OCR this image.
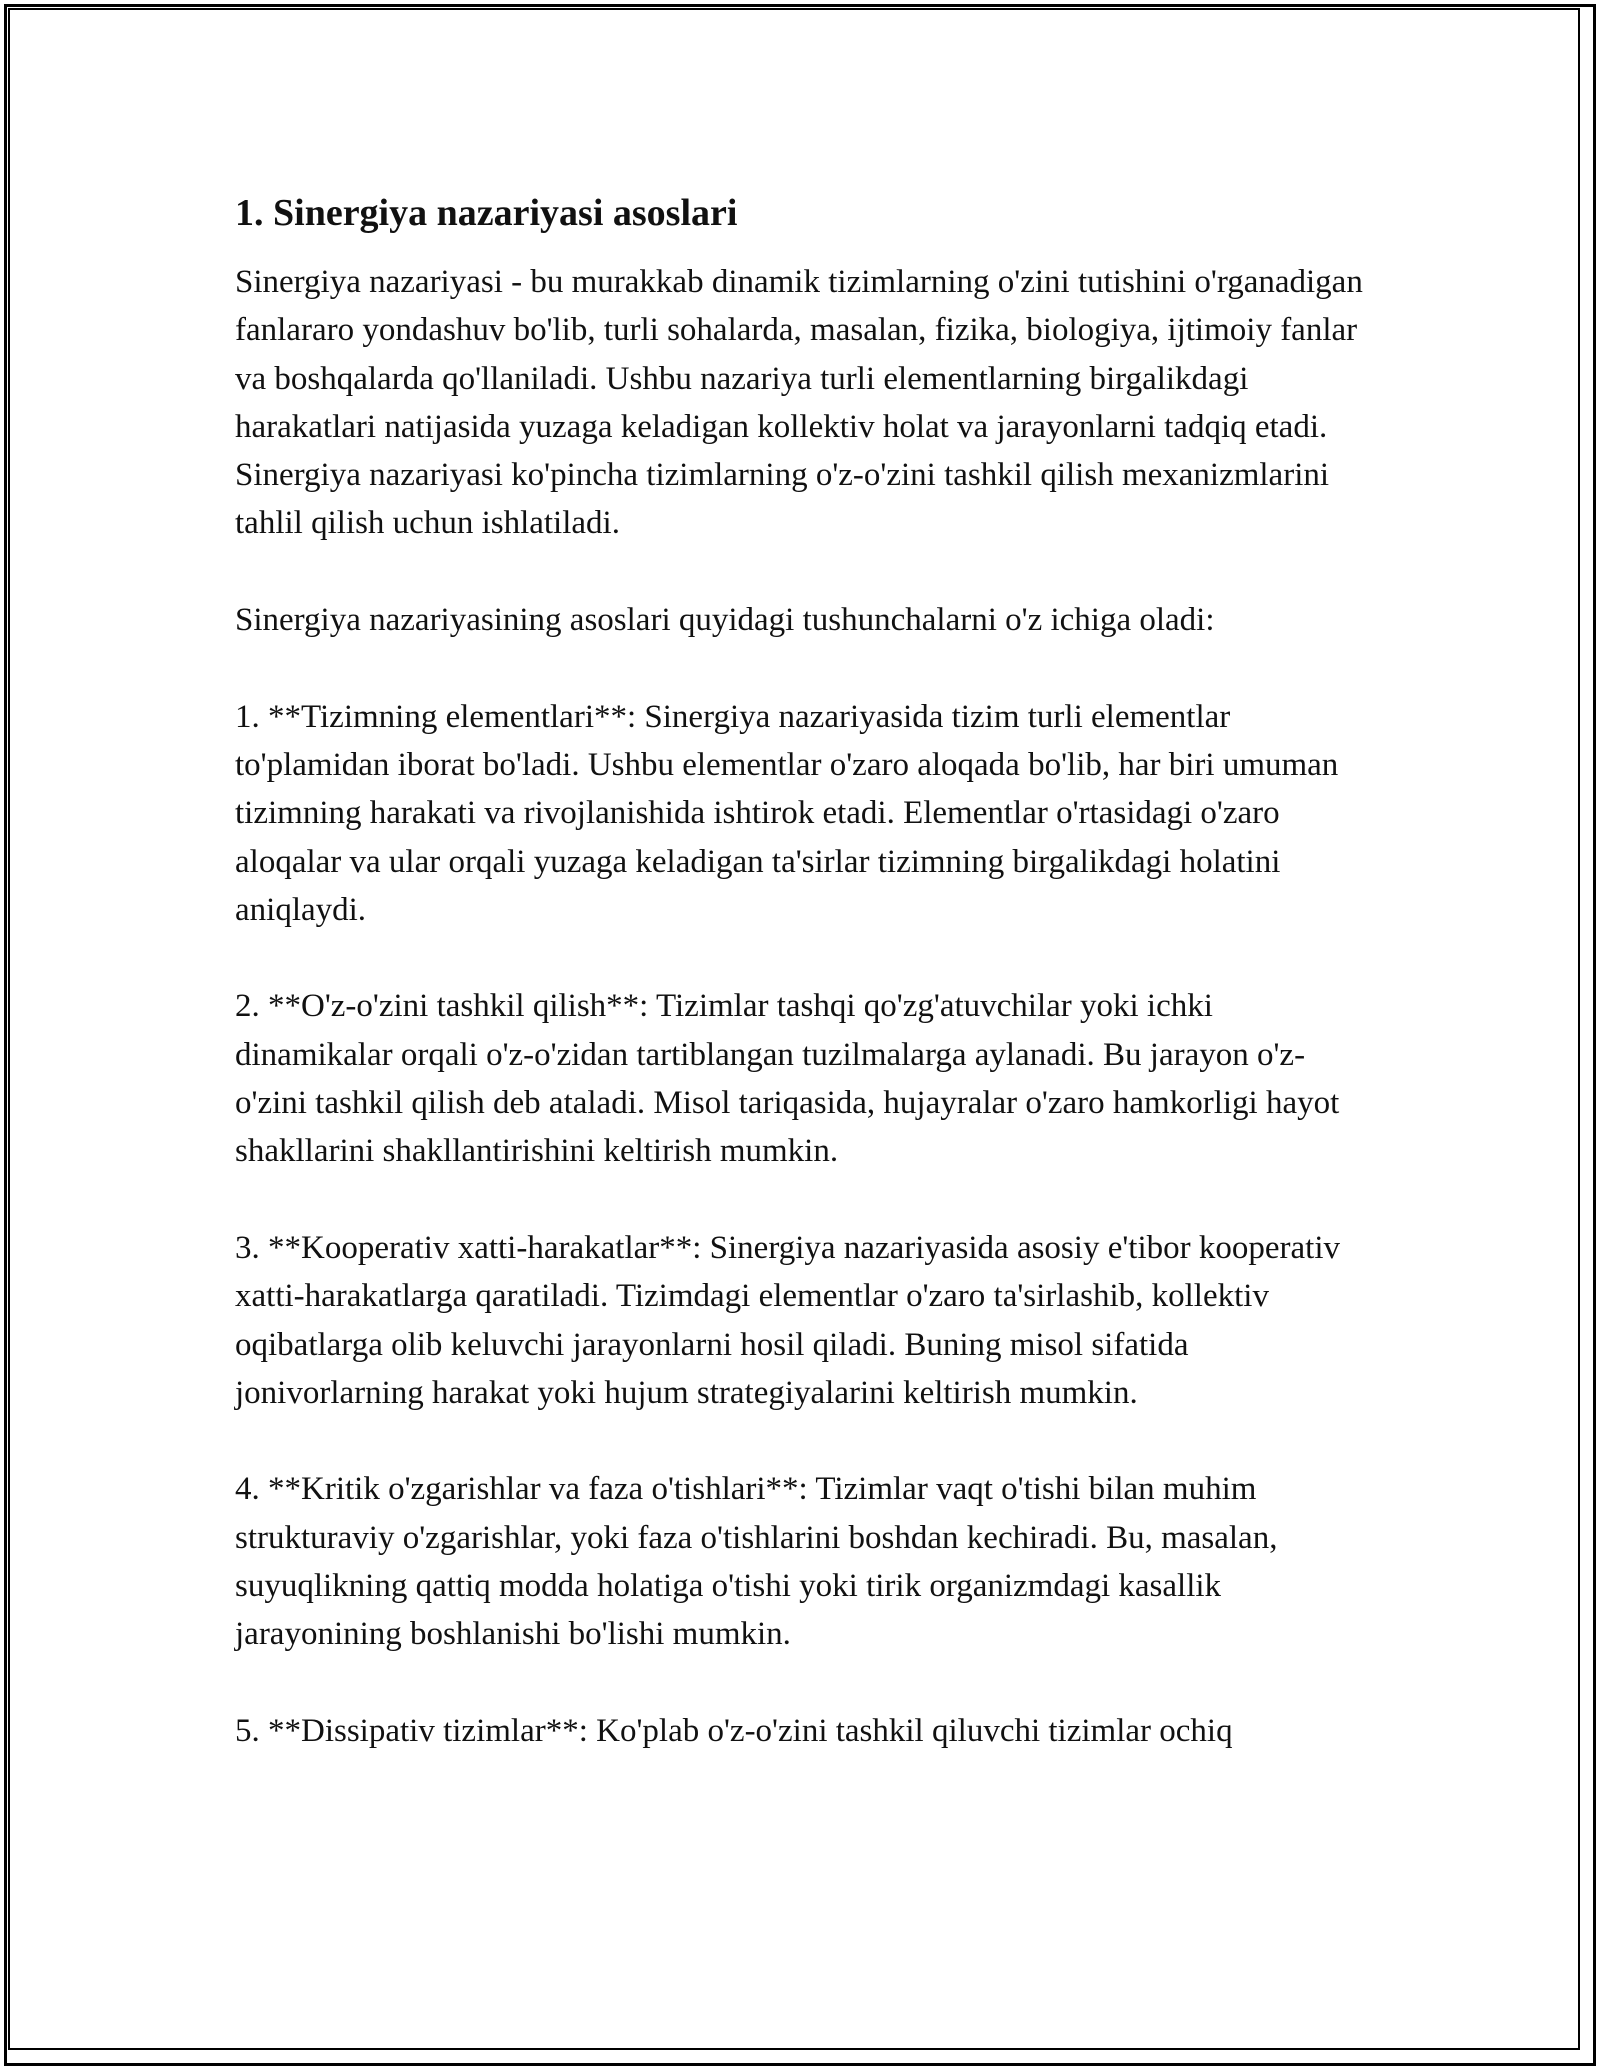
1. Sinergiya nazariyasi asoslari

Sinergiya nazariyasi - bu murakkab dinamik tizimlarning o'zini tutishini o'rganadigan fanlararo yondashuv bo'lib, turli sohalarda, masalan, fizika, biologiya, ijtimoiy fanlar va boshqalarda qo'llaniladi. Ushbu nazariya turli elementlarning birgalikdagi harakatlari natijasida yuzaga keladigan kollektiv holat va jarayonlarni tadqiq etadi. Sinergiya nazariyasi ko'pincha tizimlarning o'z-o'zini tashkil qilish mexanizmlarini tahlil qilish uchun ishlatiladi.

Sinergiya nazariyasining asoslari quyidagi tushunchalarni o'z ichiga oladi:

1. **Tizimning elementlari**: Sinergiya nazariyasida tizim turli elementlar to'plamidan iborat bo'ladi. Ushbu elementlar o'zaro aloqada bo'lib, har biri umuman tizimning harakati va rivojlanishida ishtirok etadi. Elementlar o'rtasidagi o'zaro aloqalar va ular orqali yuzaga keladigan ta'sirlar tizimning birgalikdagi holatini aniqlaydi.

2. **O'z-o'zini tashkil qilish**: Tizimlar tashqi qo'zg'atuvchilar yoki ichki dinamikalar orqali o'z-o'zidan tartiblangan tuzilmalarga aylanadi. Bu jarayon o'z-o'zini tashkil qilish deb ataladi. Misol tariqasida, hujayralar o'zaro hamkorligi hayot shakllarini shakllantirishini keltirish mumkin.

3. **Kooperativ xatti-harakatlar**: Sinergiya nazariyasida asosiy e'tibor kooperativ xatti-harakatlarga qaratiladi. Tizimdagi elementlar o'zaro ta'sirlashib, kollektiv oqibatlarga olib keluvchi jarayonlarni hosil qiladi. Buning misol sifatida jonivorlarning harakat yoki hujum strategiyalarini keltirish mumkin.

4. **Kritik o'zgarishlar va faza o'tishlari**: Tizimlar vaqt o'tishi bilan muhim strukturaviy o'zgarishlar, yoki faza o'tishlarini boshdan kechiradi. Bu, masalan, suyuqlikning qattiq modda holatiga o'tishi yoki tirik organizmdagi kasallik jarayonining boshlanishi bo'lishi mumkin.

5. **Dissipativ tizimlar**: Ko'plab o'z-o'zini tashkil qiluvchi tizimlar ochiq
